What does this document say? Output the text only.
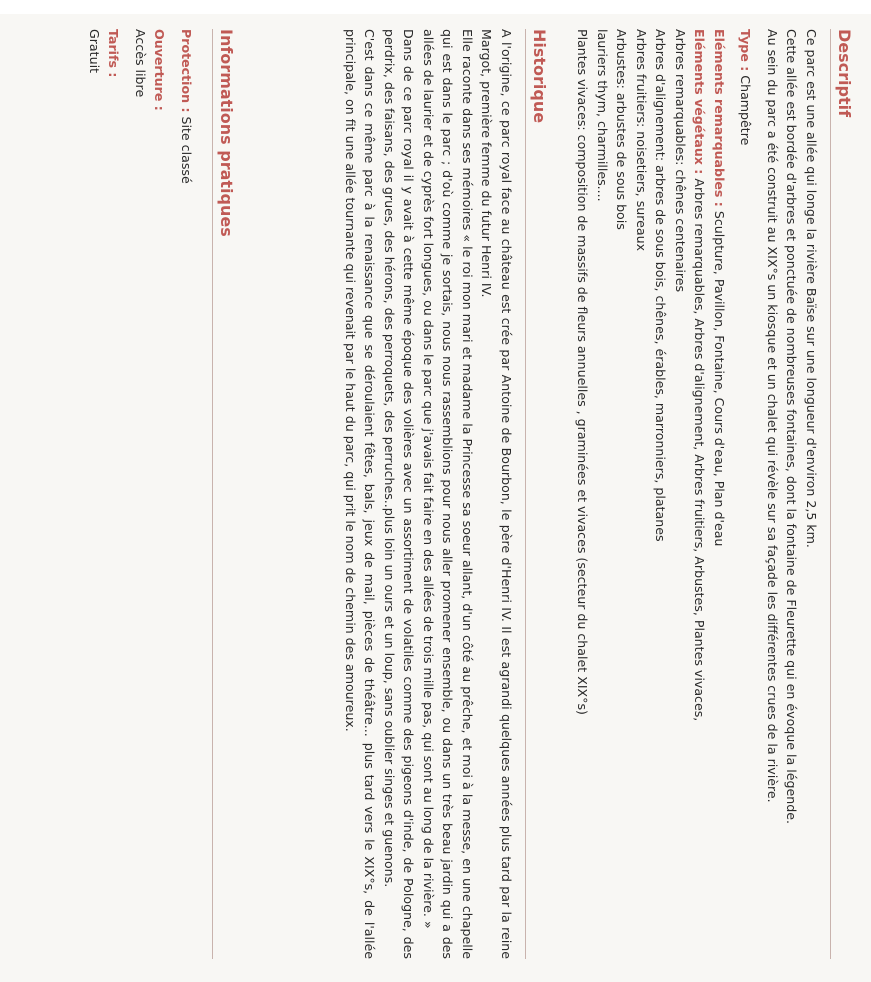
Descriptif

Ce parc est une allée qui longe la rivière Baïse sur une longueur d'environ 2,5 km.

Cette allée est bordée d'arbres et ponctuée de nombreuses fontaines, dont la fontaine de Fleurette qui en évoque la légende.

Au sein du parc a été construit au XIX°s un kiosque et un chalet qui révèle sur sa façade les différentes crues de la rivière.

Type : Champêtre
Eléments remarquables : Sculpture, Pavillon, Fontaine, Cours d'eau, Plan d'eau
Eléments végétaux : Arbres remarquables, Arbres d'alignement, Arbres fruitiers, Arbustes, Plantes vivaces,
Arbres remarquables: chênes centenaires
Arbres d'alignement: arbres de sous bois, chênes, érables, marronniers, platanes
Arbres fruitiers: noisetiers, sureaux
Arbustes: arbustes de sous bois
lauriers thym, charmilles....
Plantes vivaces: composition de massifs de fleurs annuelles , graminées et vivaces (secteur du chalet XIX°s)
Historique

A l'origine, ce parc royal face au château est crée par Antoine de Bourbon, le père d'Henri IV. Il est agrandi quelques années plus tard par la reine Margot, première femme du futur Henri IV.

Elle raconte dans ses mémoires « le roi mon mari et madame la Princesse sa soeur allant, d'un côté au prêche, et moi à la messe, en une chapelle qui est dans le parc ; d'où comme je sortais, nous nous rassemblions pour nous aller promener ensemble, ou dans un très beau jardin qui a des allées de laurier et de cyprès fort longues, ou dans le parc que j'avais fait faire en des allées de trois mille pas, qui sont au long de la rivière. »

Dans de ce parc royal il y avait à cette même époque des volières avec un assortiment de volatiles comme des pigeons d'inde, de Pologne, des perdrix, des faisans, des grues, des hérons, des perroquets, des perruches..plus loin un ours et un loup, sans oublier singes et guenons.

C'est dans ce même parc à la renaissance que se déroulaient fêtes, bals, jeux de mail, pièces de théâtre... plus tard vers le XIX°s, de l'allée principale, on fit une allée tournante qui revenait par le haut du parc, qui prit le nom de chemin des amoureux.

Informations pratiques
Protection : Site classé
Ouverture :
Accès libre
Tarifs :
Gratuit
